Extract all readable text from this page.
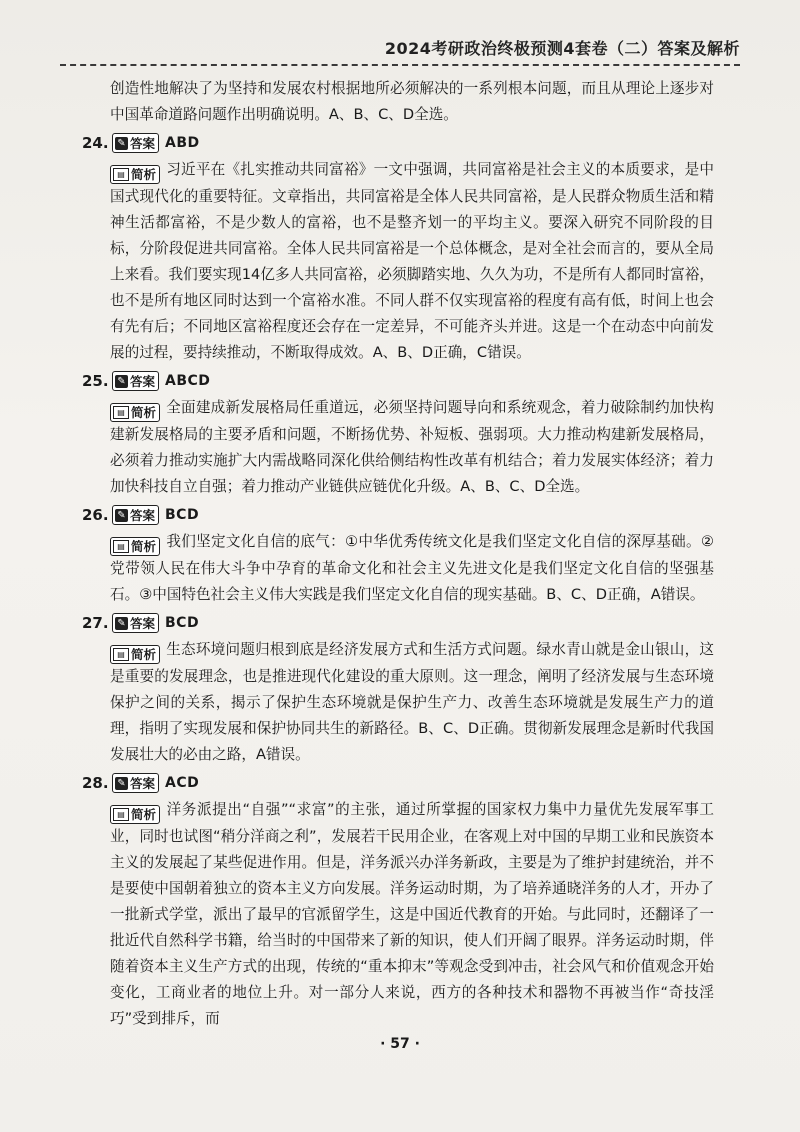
2024考研政治终极预测4套卷（二）答案及解析

创造性地解决了为坚持和发展农村根据地所必须解决的一系列根本问题，而且从理论上逐步对中国革命道路问题作出明确说明。A、B、C、D全选。

24. ✎ 答案 ABD

▤ 简析 习近平在《扎实推动共同富裕》一文中强调，共同富裕是社会主义的本质要求，是中国式现代化的重要特征。文章指出，共同富裕是全体人民共同富裕，是人民群众物质生活和精神生活都富裕，不是少数人的富裕，也不是整齐划一的平均主义。要深入研究不同阶段的目标，分阶段促进共同富裕。全体人民共同富裕是一个总体概念，是对全社会而言的，要从全局上来看。我们要实现14亿多人共同富裕，必须脚踏实地、久久为功，不是所有人都同时富裕，也不是所有地区同时达到一个富裕水准。不同人群不仅实现富裕的程度有高有低，时间上也会有先有后；不同地区富裕程度还会存在一定差异，不可能齐头并进。这是一个在动态中向前发展的过程，要持续推动，不断取得成效。A、B、D正确，C错误。

25. ✎ 答案 ABCD

▤ 简析 全面建成新发展格局任重道远，必须坚持问题导向和系统观念，着力破除制约加快构建新发展格局的主要矛盾和问题，不断扬优势、补短板、强弱项。大力推动构建新发展格局，必须着力推动实施扩大内需战略同深化供给侧结构性改革有机结合；着力发展实体经济；着力加快科技自立自强；着力推动产业链供应链优化升级。A、B、C、D全选。

26. ✎ 答案 BCD

▤ 简析 我们坚定文化自信的底气：①中华优秀传统文化是我们坚定文化自信的深厚基础。②党带领人民在伟大斗争中孕育的革命文化和社会主义先进文化是我们坚定文化自信的坚强基石。③中国特色社会主义伟大实践是我们坚定文化自信的现实基础。B、C、D正确，A错误。

27. ✎ 答案 BCD

▤ 简析 生态环境问题归根到底是经济发展方式和生活方式问题。绿水青山就是金山银山，这是重要的发展理念，也是推进现代化建设的重大原则。这一理念，阐明了经济发展与生态环境保护之间的关系，揭示了保护生态环境就是保护生产力、改善生态环境就是发展生产力的道理，指明了实现发展和保护协同共生的新路径。B、C、D正确。贯彻新发展理念是新时代我国发展壮大的必由之路，A错误。

28. ✎ 答案 ACD

▤ 简析 洋务派提出“自强”“求富”的主张，通过所掌握的国家权力集中力量优先发展军事工业，同时也试图“稍分洋商之利”，发展若干民用企业，在客观上对中国的早期工业和民族资本主义的发展起了某些促进作用。但是，洋务派兴办洋务新政，主要是为了维护封建统治，并不是要使中国朝着独立的资本主义方向发展。洋务运动时期，为了培养通晓洋务的人才，开办了一批新式学堂，派出了最早的官派留学生，这是中国近代教育的开始。与此同时，还翻译了一批近代自然科学书籍，给当时的中国带来了新的知识，使人们开阔了眼界。洋务运动时期，伴随着资本主义生产方式的出现，传统的“重本抑末”等观念受到冲击，社会风气和价值观念开始变化，工商业者的地位上升。对一部分人来说，西方的各种技术和器物不再被当作“奇技淫巧”受到排斥，而

· 57 ·
